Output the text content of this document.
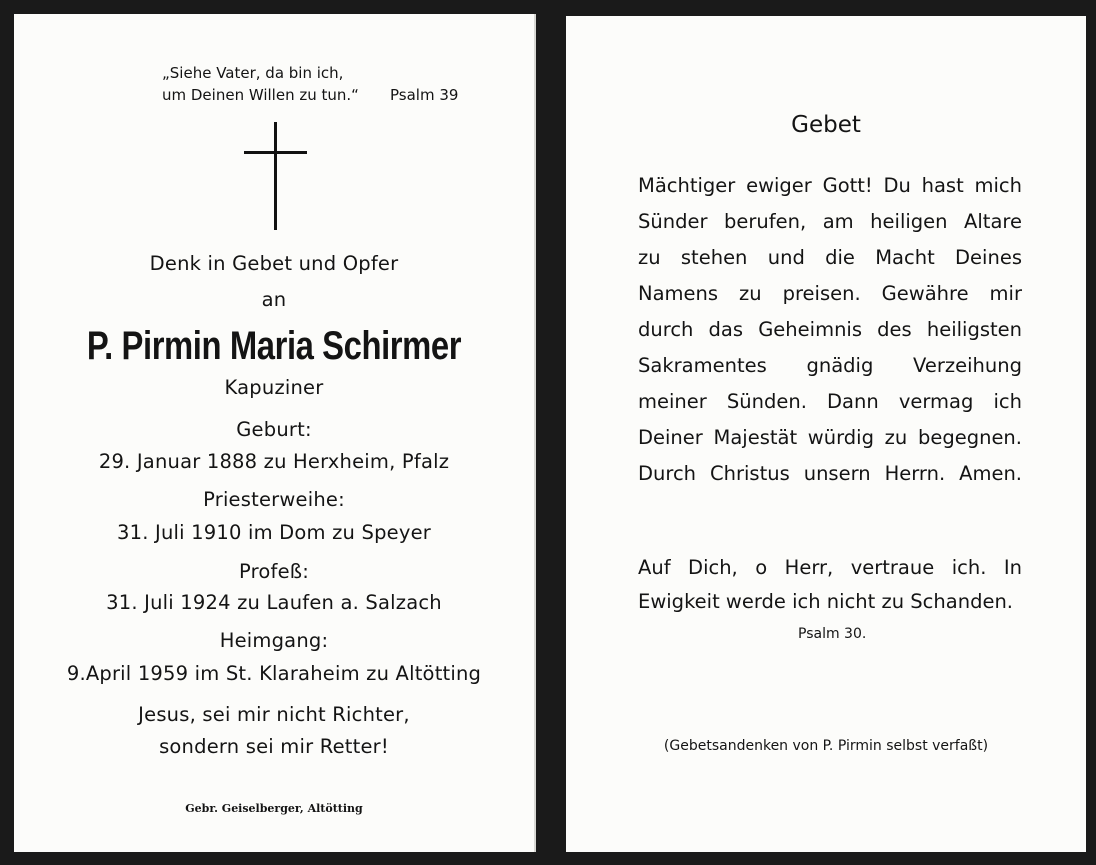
„Siehe Vater, da bin ich,
um Deinen Willen zu tun.“ Psalm 39
Denk in Gebet und Opfer
an
P. Pirmin Maria Schirmer
Kapuziner
Geburt:
29. Januar 1888 zu Herxheim, Pfalz
Priesterweihe:
31. Juli 1910 im Dom zu Speyer
Profeß:
31. Juli 1924 zu Laufen a. Salzach
Heimgang:
9.April 1959 im St. Klaraheim zu Altötting
Jesus, sei mir nicht Richter,
sondern sei mir Retter!
Gebr. Geiselberger, Altötting
Gebet
Mächtiger ewiger Gott! Du hast mich
Sünder berufen, am heiligen Altare
zu stehen und die Macht Deines
Namens zu preisen. Gewähre mir
durch das Geheimnis des heiligsten
Sakramentes gnädig Verzeihung
meiner Sünden. Dann vermag ich
Deiner Majestät würdig zu begegnen.
Durch Christus unsern Herrn. Amen.
Auf Dich, o Herr, vertraue ich. In
Ewigkeit werde ich nicht zu Schanden.
Psalm 30.
(Gebetsandenken von P. Pirmin selbst verfaßt)
